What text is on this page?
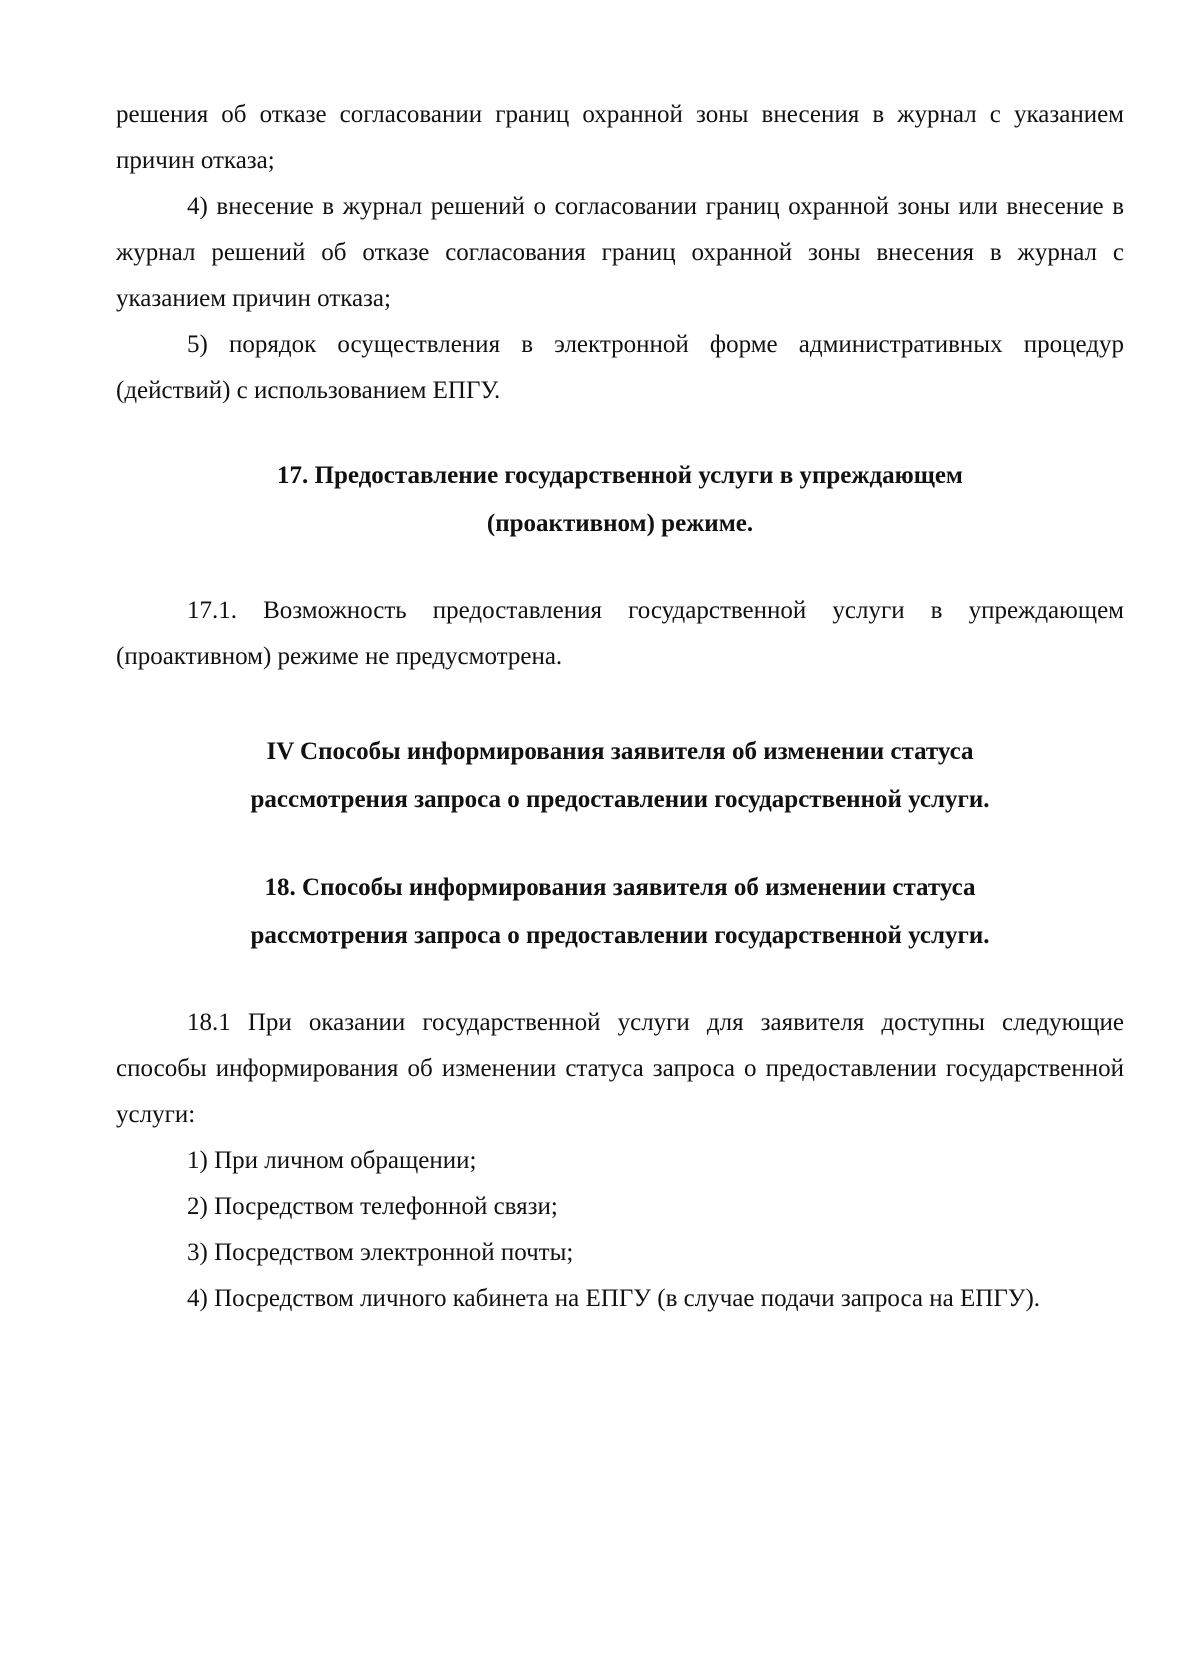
решения об отказе согласовании границ охранной зоны внесения в журнал с указанием причин отказа;

4) внесение в журнал решений о согласовании границ охранной зоны или внесение в журнал решений об отказе согласования границ охранной зоны внесения в журнал с указанием причин отказа;

5) порядок осуществления в электронной форме административных процедур (действий) с использованием ЕПГУ.

17. Предоставление государственной услуги в упреждающем

(проактивном) режиме.

17.1. Возможность предоставления государственной услуги в упреждающем (проактивном) режиме не предусмотрена.

IV Способы информирования заявителя об изменении статуса

рассмотрения запроса о предоставлении государственной услуги.

18. Способы информирования заявителя об изменении статуса

рассмотрения запроса о предоставлении государственной услуги.

18.1 При оказании государственной услуги для заявителя доступны следующие способы информирования об изменении статуса запроса о предоставлении государственной услуги:

1) При личном обращении;

2) Посредством телефонной связи;

3) Посредством электронной почты;

4) Посредством личного кабинета на ЕПГУ (в случае подачи запроса на ЕПГУ).
